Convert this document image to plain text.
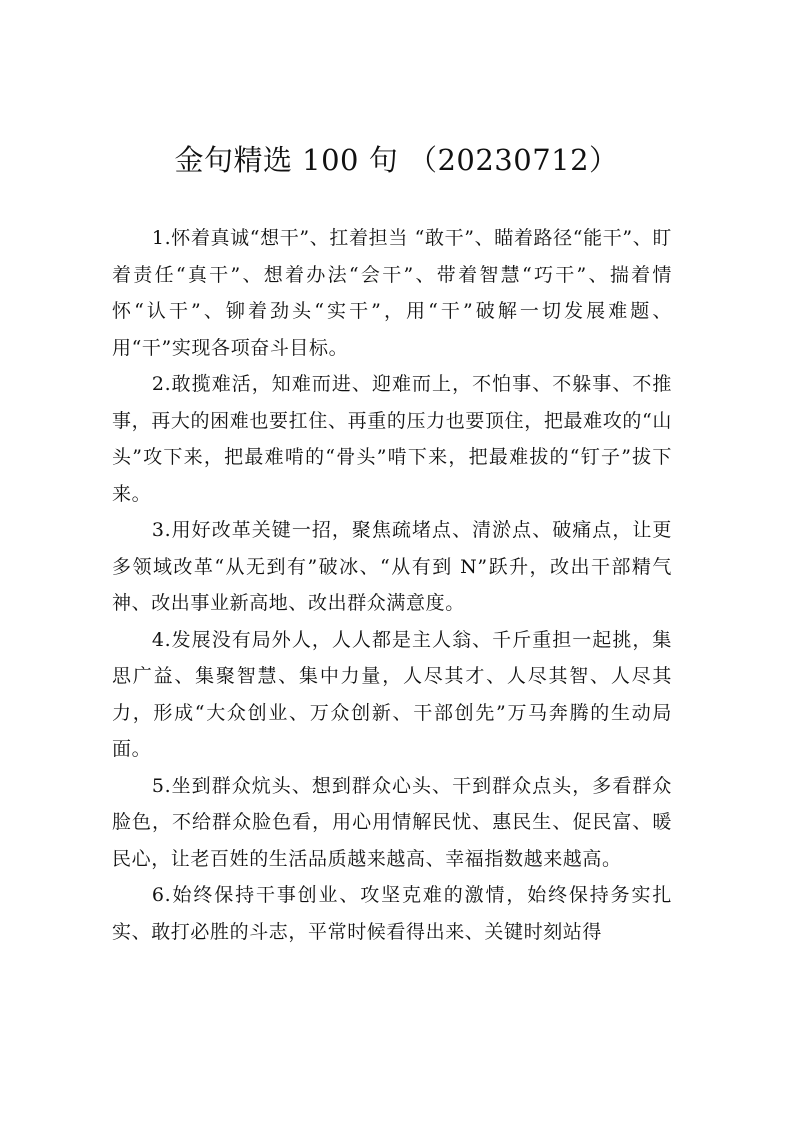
金句精选 100 句 （20230712）

1.怀着真诚“想干”、扛着担当 “敢干”、瞄着路径“能干”、盯着责任“真干”、想着办法“会干”、带着智慧“巧干”、揣着情怀“认干”、铆着劲头“实干”，用“干”破解一切发展难题、用“干”实现各项奋斗目标。

2.敢揽难活，知难而进、迎难而上，不怕事、不躲事、不推事，再大的困难也要扛住、再重的压力也要顶住，把最难攻的“山头”攻下来，把最难啃的“骨头”啃下来，把最难拔的“钉子”拔下来。

3.用好改革关键一招，聚焦疏堵点、清淤点、破痛点，让更多领域改革“从无到有”破冰、“从有到 N”跃升，改出干部精气神、改出事业新高地、改出群众满意度。

4.发展没有局外人，人人都是主人翁、千斤重担一起挑，集思广益、集聚智慧、集中力量，人尽其才、人尽其智、人尽其力，形成“大众创业、万众创新、干部创先”万马奔腾的生动局面。

5.坐到群众炕头、想到群众心头、干到群众点头，多看群众脸色，不给群众脸色看，用心用情解民忧、惠民生、促民富、暖民心，让老百姓的生活品质越来越高、幸福指数越来越高。

6.始终保持干事创业、攻坚克难的激情，始终保持务实扎实、敢打必胜的斗志，平常时候看得出来、关键时刻站得
